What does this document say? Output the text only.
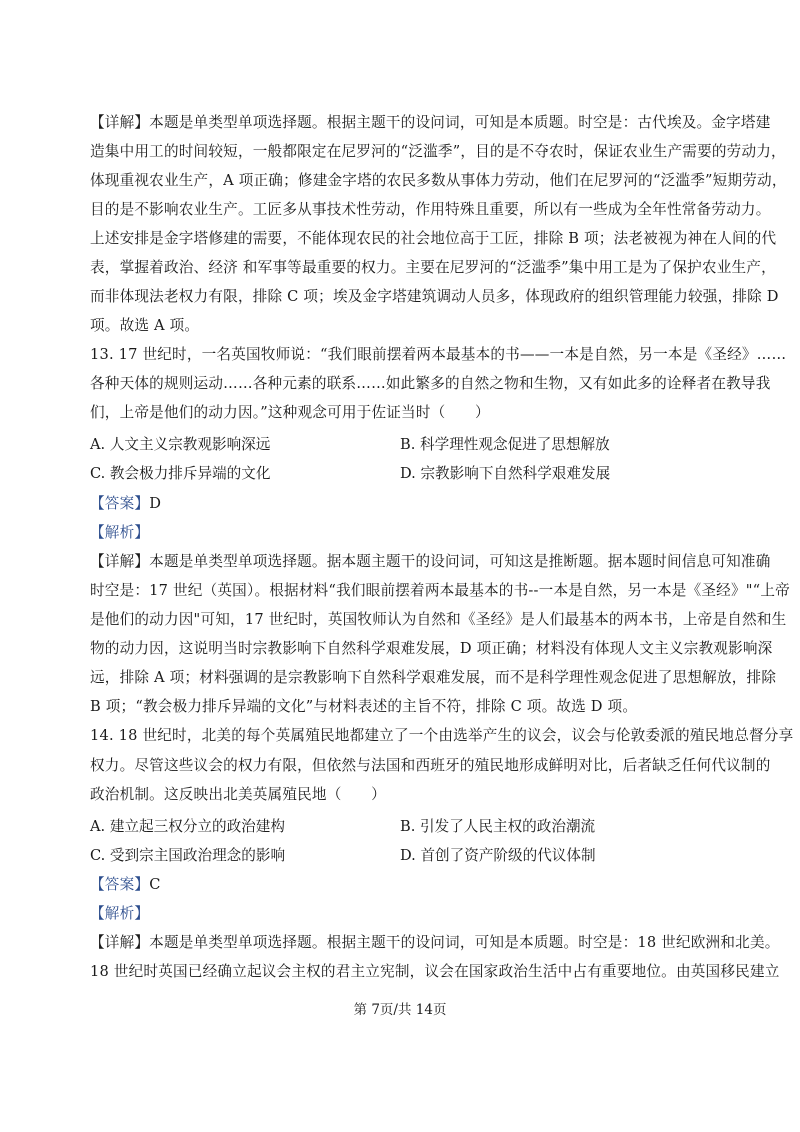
【详解】本题是单类型单项选择题。根据主题干的设问词，可知是本质题。时空是：古代埃及。金字塔建
造集中用工的时间较短，一般都限定在尼罗河的“泛滥季”，目的是不夺农时，保证农业生产需要的劳动力，
体现重视农业生产，A 项正确；修建金字塔的农民多数从事体力劳动，他们在尼罗河的“泛滥季”短期劳动，
目的是不影响农业生产。工匠多从事技术性劳动，作用特殊且重要，所以有一些成为全年性常备劳动力。
上述安排是金字塔修建的需要，不能体现农民的社会地位高于工匠，排除 B 项；法老被视为神在人间的代
表，掌握着政治、经济 和军事等最重要的权力。主要在尼罗河的“泛滥季”集中用工是为了保护农业生产，
而非体现法老权力有限，排除 C 项；埃及金字塔建筑调动人员多，体现政府的组织管理能力较强，排除 D
项。故选 A 项。
13. 17 世纪时，一名英国牧师说：“我们眼前摆着两本最基本的书——一本是自然，另一本是《圣经》……
各种天体的规则运动……各种元素的联系……如此繁多的自然之物和生物，又有如此多的诠释者在教导我
们，上帝是他们的动力因。”这种观念可用于佐证当时（　　）
A. 人文主义宗教观影响深远	B. 科学理性观念促进了思想解放
C. 教会极力排斥异端的文化	D. 宗教影响下自然科学艰难发展
【答案】D
【解析】
【详解】本题是单类型单项选择题。据本题主题干的设问词，可知这是推断题。据本题时间信息可知准确
时空是：17 世纪（英国）。根据材料“我们眼前摆着两本最基本的书--一本是自然，另一本是《圣经》"“上帝
是他们的动力因"可知，17 世纪时，英国牧师认为自然和《圣经》是人们最基本的两本书，上帝是自然和生
物的动力因，这说明当时宗教影响下自然科学艰难发展，D 项正确；材料没有体现人文主义宗教观影响深
远，排除 A 项；材料强调的是宗教影响下自然科学艰难发展，而不是科学理性观念促进了思想解放，排除
B 项；“教会极力排斥异端的文化”与材料表述的主旨不符，排除 C 项。故选 D 项。
14. 18 世纪时，北美的每个英属殖民地都建立了一个由选举产生的议会，议会与伦敦委派的殖民地总督分享
权力。尽管这些议会的权力有限，但依然与法国和西班牙的殖民地形成鲜明对比，后者缺乏任何代议制的
政治机制。这反映出北美英属殖民地（　　）
A. 建立起三权分立的政治建构	B. 引发了人民主权的政治潮流
C. 受到宗主国政治理念的影响	D. 首创了资产阶级的代议体制
【答案】C
【解析】
【详解】本题是单类型单项选择题。根据主题干的设问词，可知是本质题。时空是：18 世纪欧洲和北美。
18 世纪时英国已经确立起议会主权的君主立宪制，议会在国家政治生活中占有重要地位。由英国移民建立
第 7页/共 14页
